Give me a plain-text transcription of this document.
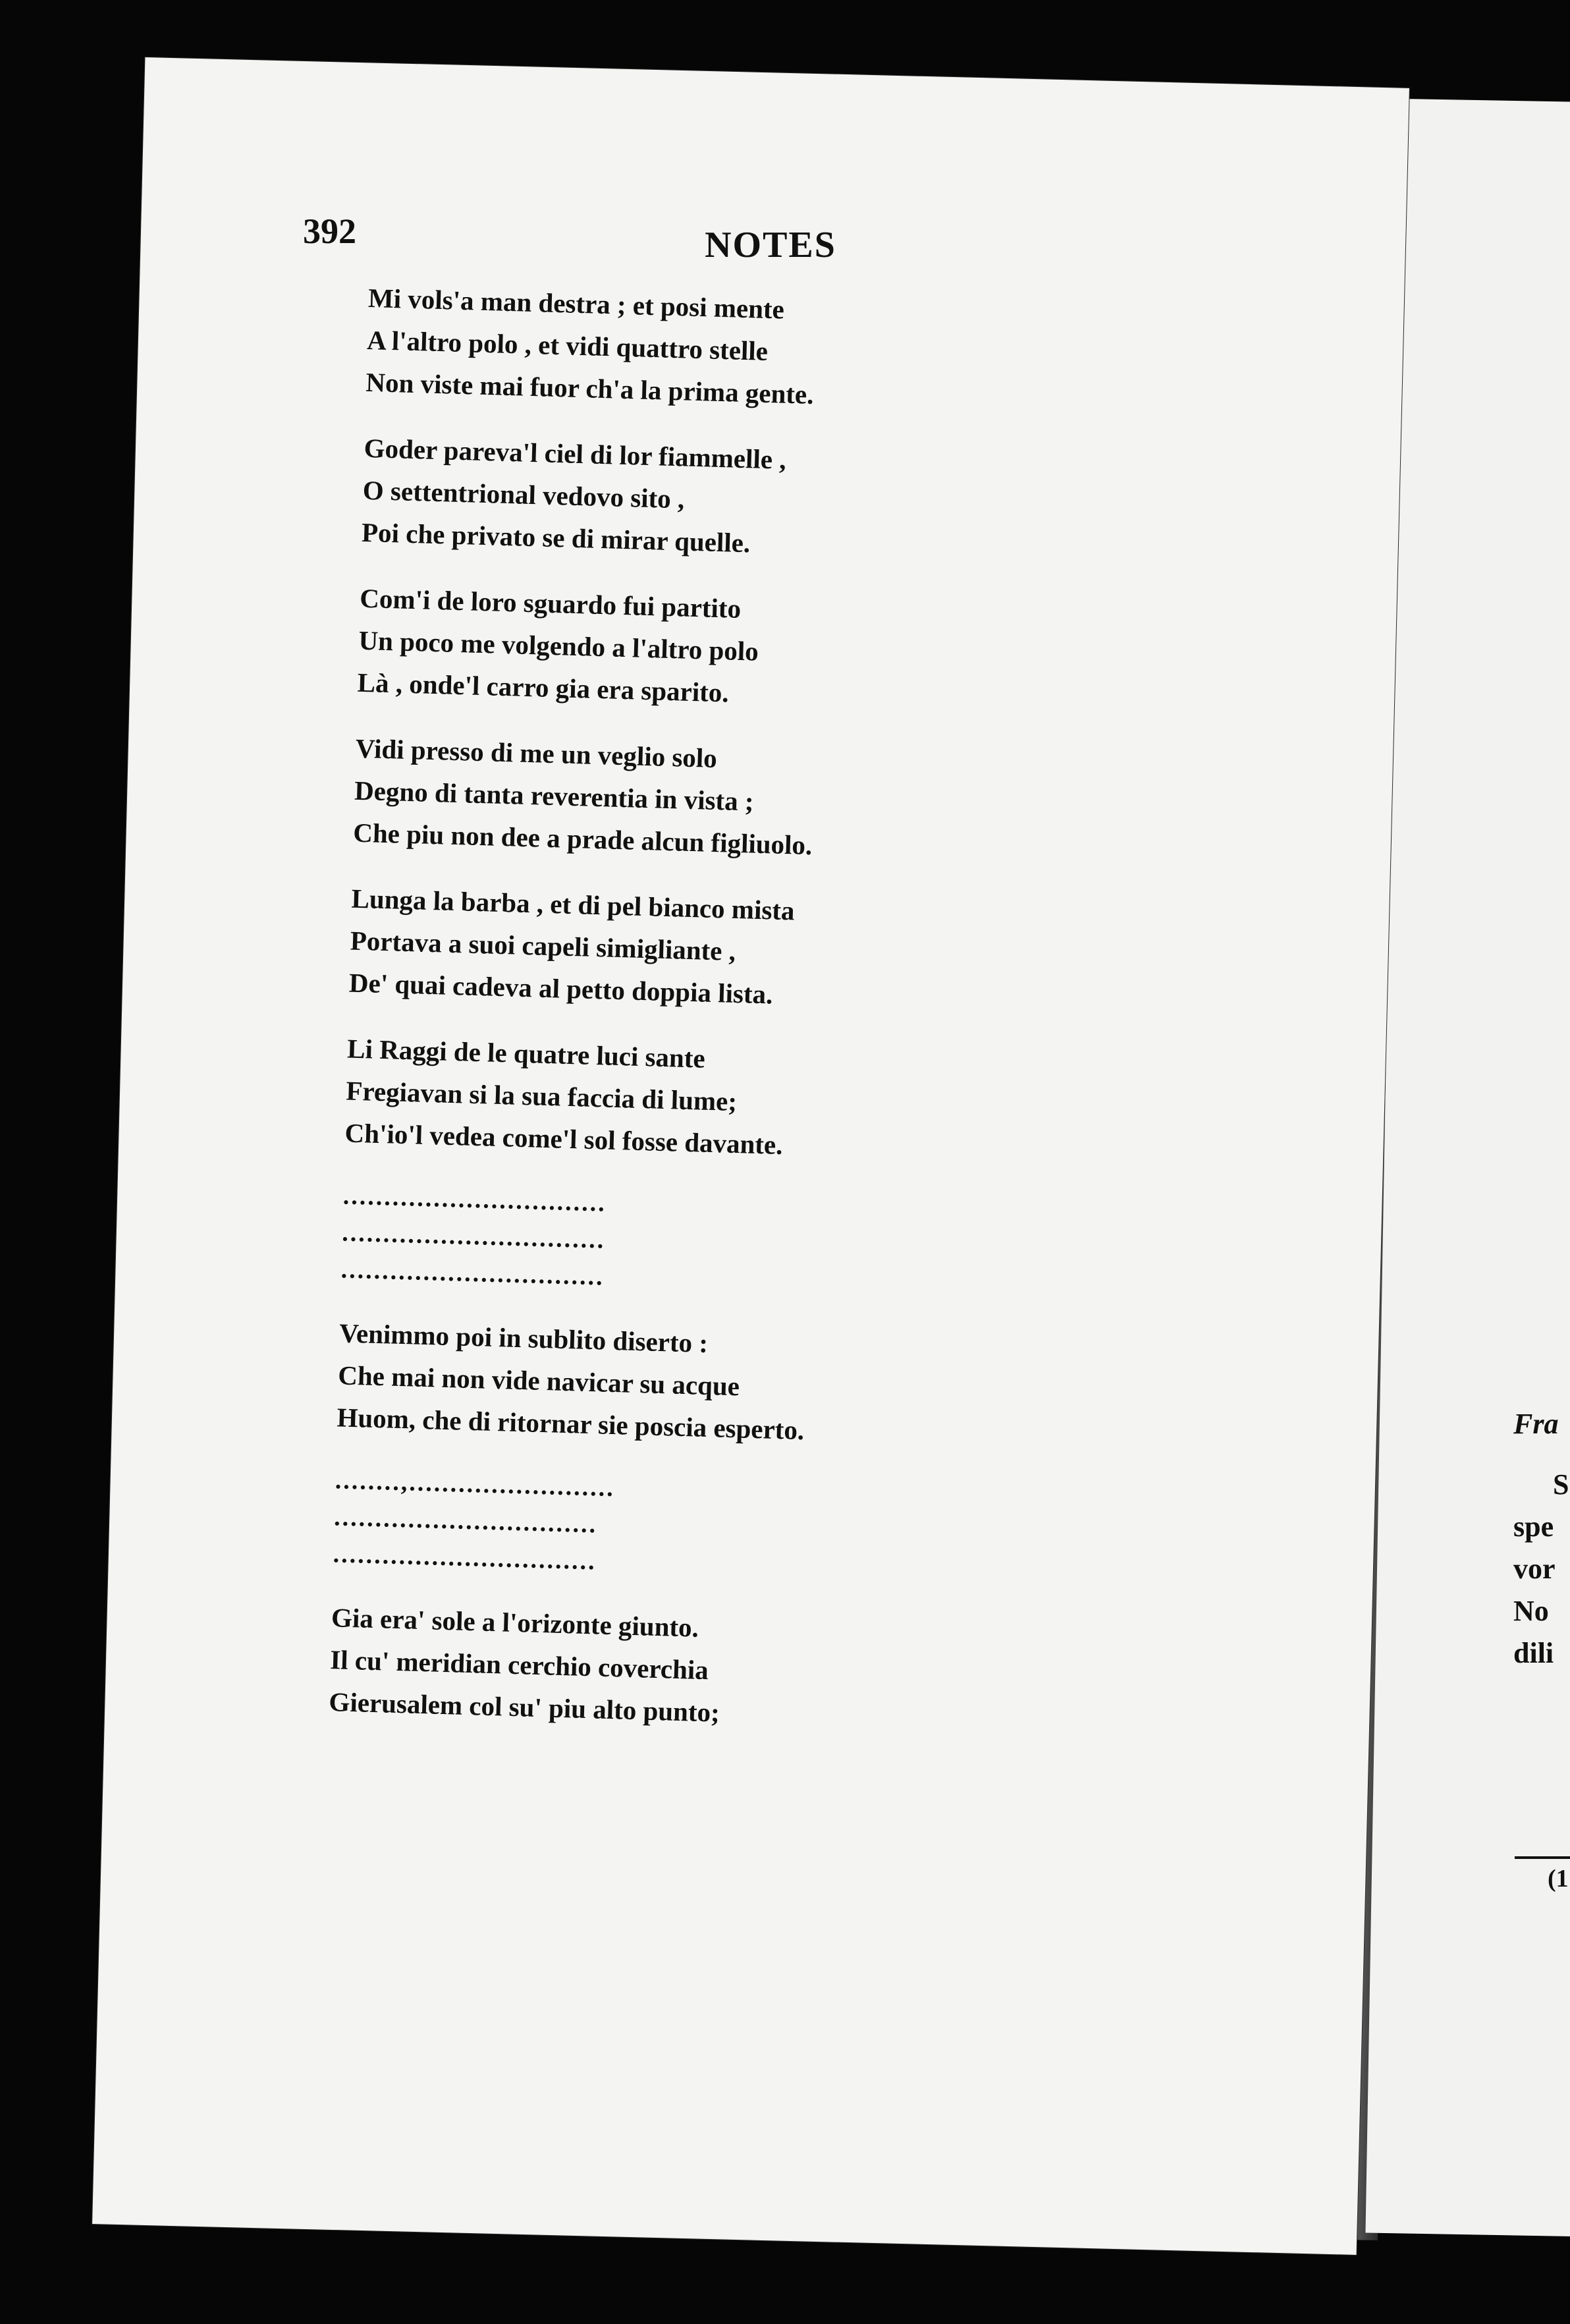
392	NOTES
Mi vols'a man destra ; et posi mente
A l'altro polo , et vidi quattro stelle
Non viste mai fuor ch'a la prima gente.
Goder pareva'l ciel di lor fiammelle ,
O settentrional vedovo sito ,
Poi che privato se di mirar quelle.
Com'i de loro sguardo fui partito
Un poco me volgendo a l'altro polo
Là , onde'l carro gia era sparito.
Vidi presso di me un veglio solo
Degno di tanta reverentia in vista ;
Che piu non dee a prade alcun figliuolo.
Lunga la barba , et di pel bianco mista
Portava a suoi capeli simigliante ,
De' quai cadeva al petto doppia lista.
Li Raggi de le quatre luci sante
Fregiavan si la sua faccia di lume;
Ch'io'l vedea come'l sol fosse davante.
................................
................................
................................
Venimmo poi in sublito diserto :
Che mai non vide navicar su acque
Huom, che di ritornar sie poscia esperto.
........,.........................
................................
................................
Gia era' sole a l'orizonte giunto.
Il cu' meridian cerchio coverchia
Gierusalem col su' piu alto punto;
Fra
S
spe
vor
No
dili
(1
